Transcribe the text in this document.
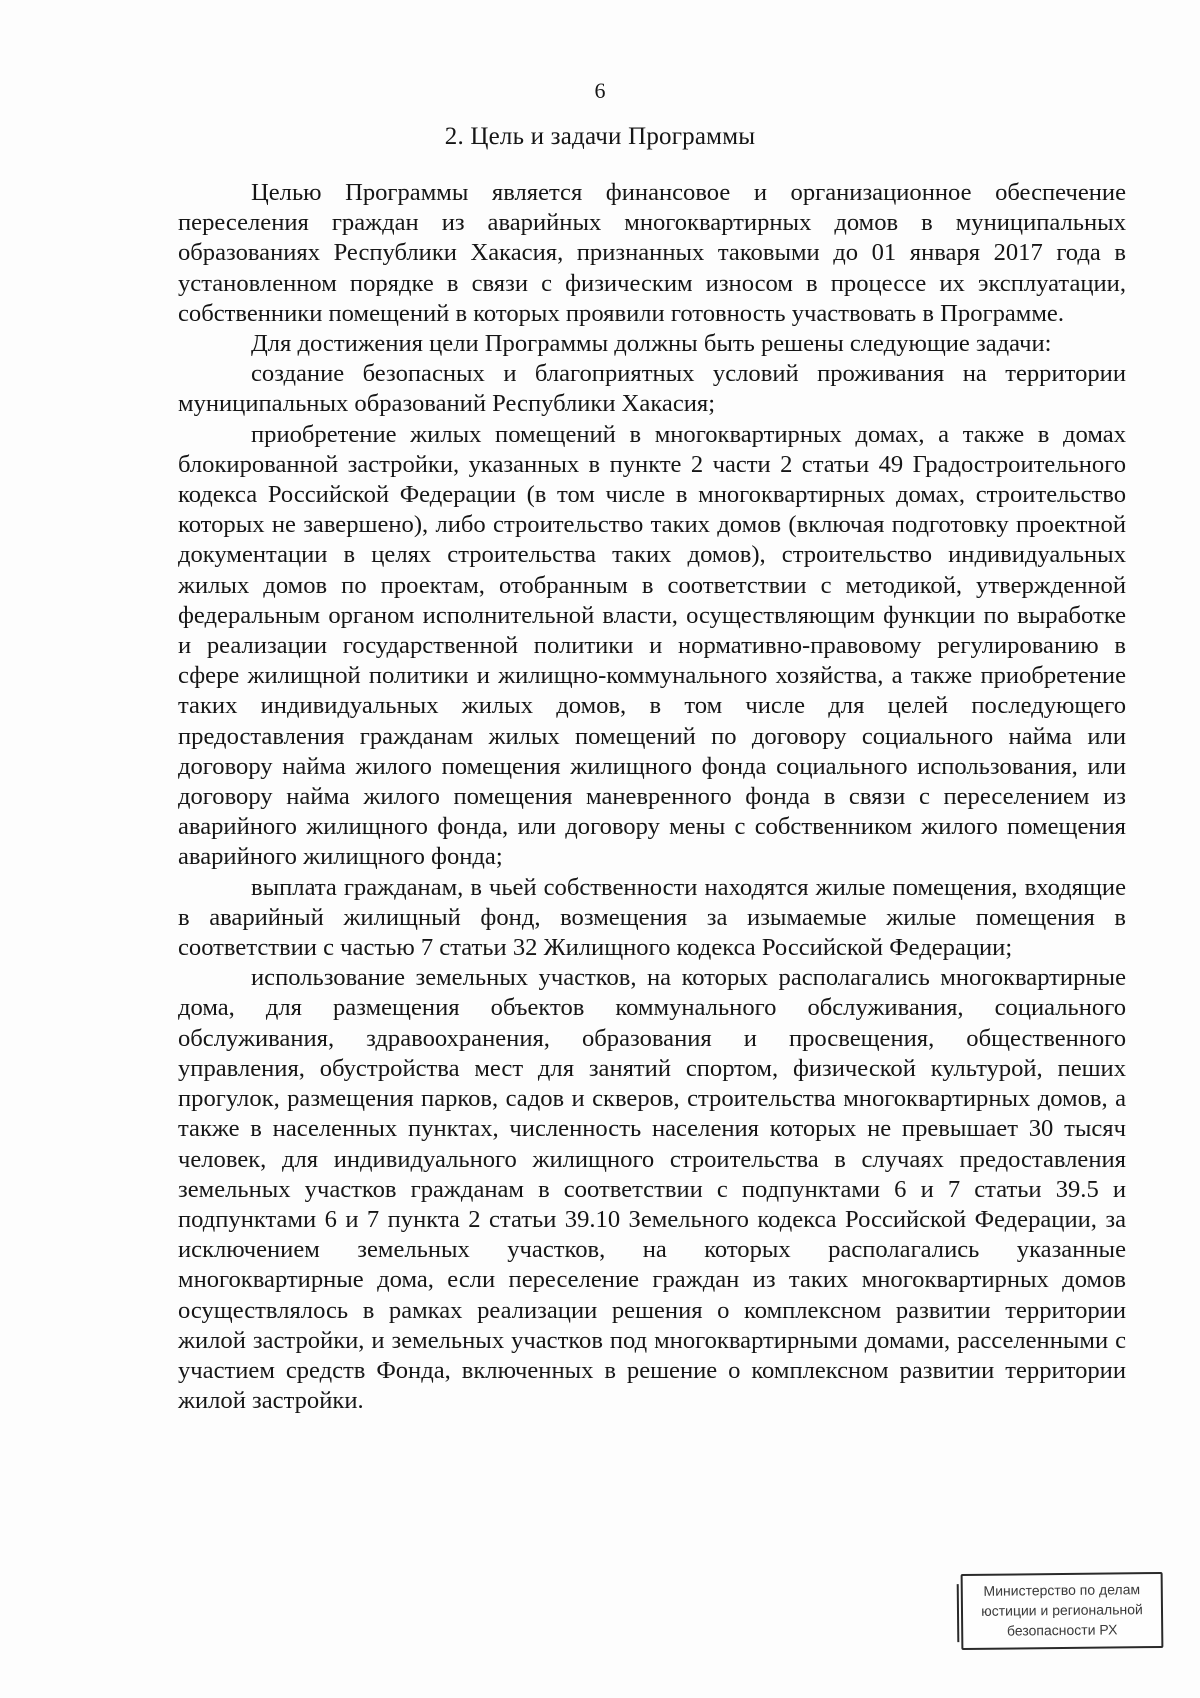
6
2. Цель и задачи Программы

Целью Программы является финансовое и организационное обеспечение переселения граждан из аварийных многоквартирных домов в муниципальных образованиях Республики Хакасия, признанных таковыми до 01 января 2017 года в установленном порядке в связи с физическим износом в процессе их эксплуатации, собственники помещений в которых проявили готовность участвовать в Программе.

Для достижения цели Программы должны быть решены следующие задачи:

создание безопасных и благоприятных условий проживания на территории муниципальных образований Республики Хакасия;

приобретение жилых помещений в многоквартирных домах, а также в домах блокированной застройки, указанных в пункте 2 части 2 статьи 49 Градостроительного кодекса Российской Федерации (в том числе в многоквартирных домах, строительство которых не завершено), либо строительство таких домов (включая подготовку проектной документации в целях строительства таких домов), строительство индивидуальных жилых домов по проектам, отобранным в соответствии с методикой, утвержденной федеральным органом исполнительной власти, осуществляющим функции по выработке и реализации государственной политики и нормативно-правовому регулированию в сфере жилищной политики и жилищно-коммунального хозяйства, а также приобретение таких индивидуальных жилых домов, в том числе для целей последующего предоставления гражданам жилых помещений по договору социального найма или договору найма жилого помещения жилищного фонда социального использования, или договору найма жилого помещения маневренного фонда в связи с переселением из аварийного жилищного фонда, или договору мены с собственником жилого помещения аварийного жилищного фонда;

выплата гражданам, в чьей собственности находятся жилые помещения, входящие в аварийный жилищный фонд, возмещения за изымаемые жилые помещения в соответствии с частью 7 статьи 32 Жилищного кодекса Российской Федерации;

использование земельных участков, на которых располагались многоквартирные дома, для размещения объектов коммунального обслуживания, социального обслуживания, здравоохранения, образования и просвещения, общественного управления, обустройства мест для занятий спортом, физической культурой, пеших прогулок, размещения парков, садов и скверов, строительства многоквартирных домов, а также в населенных пунктах, численность населения которых не превышает 30 тысяч человек, для индивидуального жилищного строительства в случаях предоставления земельных участков гражданам в соответствии с подпунктами 6 и 7 статьи 39.5 и подпунктами 6 и 7 пункта 2 статьи 39.10 Земельного кодекса Российской Федерации, за исключением земельных участков, на которых располагались указанные многоквартирные дома, если переселение граждан из таких многоквартирных домов осуществлялось в рамках реализации решения о комплексном развитии территории жилой застройки, и земельных участков под многоквартирными домами, расселенными с участием средств Фонда, включенных в решение о комплексном развитии территории жилой застройки.

Министерство по делам
юстиции и региональной
безопасности РХ
